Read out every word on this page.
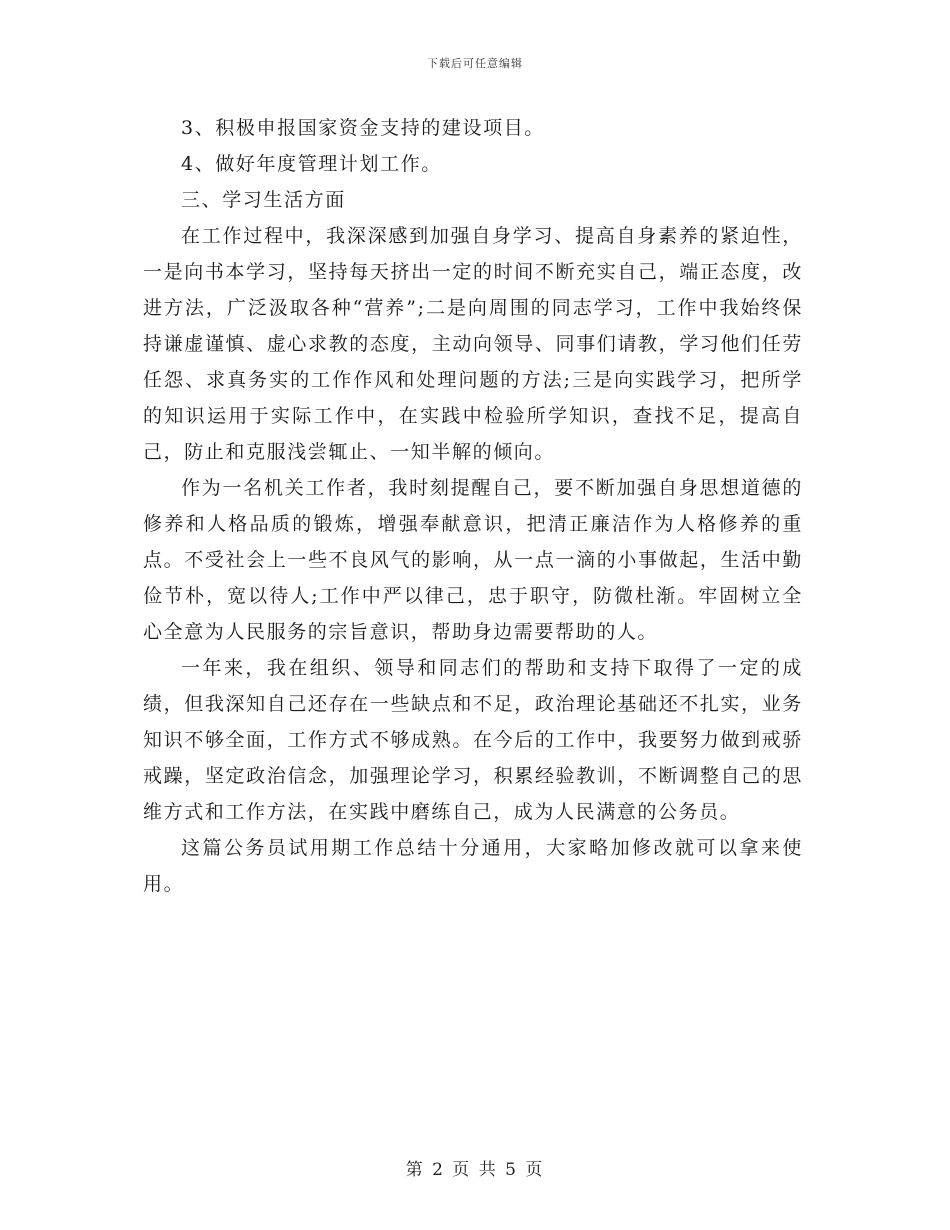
下载后可任意编辑

3、积极申报国家资金支持的建设项目。

4、做好年度管理计划工作。

三、学习生活方面

在工作过程中，我深深感到加强自身学习、提高自身素养的紧迫性，一是向书本学习，坚持每天挤出一定的时间不断充实自己，端正态度，改进方法，广泛汲取各种“营养”;二是向周围的同志学习，工作中我始终保持谦虚谨慎、虚心求教的态度，主动向领导、同事们请教，学习他们任劳任怨、求真务实的工作作风和处理问题的方法;三是向实践学习，把所学的知识运用于实际工作中，在实践中检验所学知识，查找不足，提高自己，防止和克服浅尝辄止、一知半解的倾向。

作为一名机关工作者，我时刻提醒自己，要不断加强自身思想道德的修养和人格品质的锻炼，增强奉献意识，把清正廉洁作为人格修养的重点。不受社会上一些不良风气的影响，从一点一滴的小事做起，生活中勤俭节朴，宽以待人;工作中严以律己，忠于职守，防微杜渐。牢固树立全心全意为人民服务的宗旨意识，帮助身边需要帮助的人。

一年来，我在组织、领导和同志们的帮助和支持下取得了一定的成绩，但我深知自己还存在一些缺点和不足，政治理论基础还不扎实，业务知识不够全面，工作方式不够成熟。在今后的工作中，我要努力做到戒骄戒躁，坚定政治信念，加强理论学习，积累经验教训，不断调整自己的思维方式和工作方法，在实践中磨练自己，成为人民满意的公务员。

这篇公务员试用期工作总结十分通用，大家略加修改就可以拿来使用。

第 2 页 共 5 页
